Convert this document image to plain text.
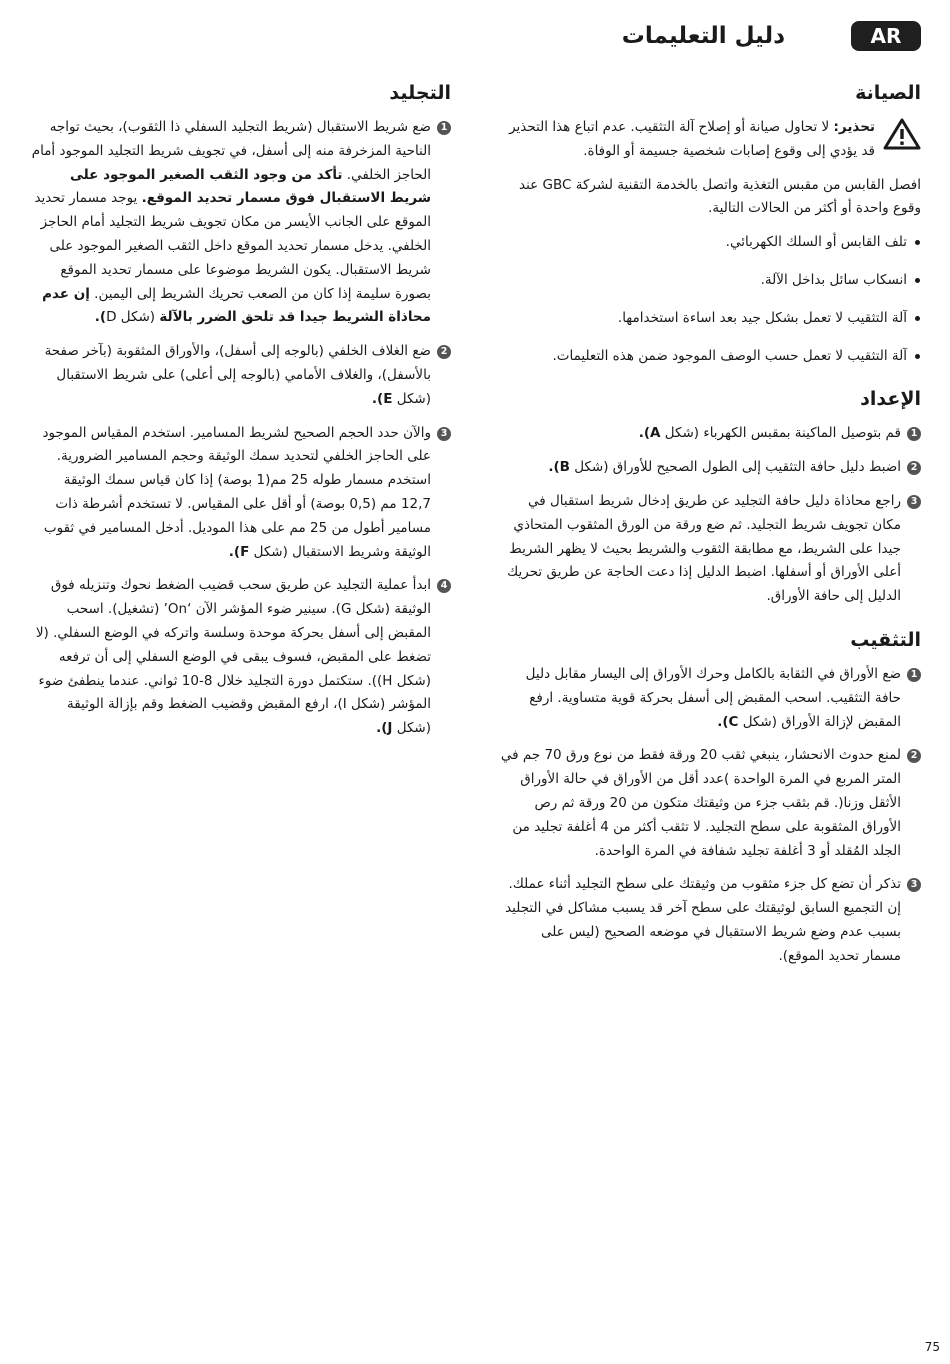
AR
دليل التعليمات
الصيانة
تحذير: لا تحاول صيانة أو إصلاح آلة التثقيب. عدم اتباع هذا التحذير قد يؤدي إلى وقوع إصابات شخصية جسيمة أو الوفاة.

افصل القابس من مقبس التغذية واتصل بالخدمة التقنية لشركة GBC عند وقوع واحدة أو أكثر من الحالات التالية.

تلف القابس أو السلك الكهربائي.
انسكاب سائل بداخل الآلة.
آلة التثقيب لا تعمل بشكل جيد بعد اساءة استخدامها.
آلة التثقيب لا تعمل حسب الوصف الموجود ضمن هذه التعليمات.
الإعداد
1
قم بتوصيل الماكينة بمقبس الكهرباء (شكل A).
2
اضبط دليل حافة التثقيب إلى الطول الصحيح للأوراق (شكل B).
3
راجع محاذاة دليل حافة التجليد عن طريق إدخال شريط استقبال في مكان تجويف شريط التجليد. ثم ضع ورقة من الورق المثقوب المتحاذي جيدا على الشريط، مع مطابقة الثقوب والشريط بحيث لا يظهر الشريط أعلى الأوراق أو أسفلها. اضبط الدليل إذا دعت الحاجة عن طريق تحريك الدليل إلى حافة الأوراق.
التثقيب
1
ضع الأوراق في الثقابة بالكامل وحرك الأوراق إلى اليسار مقابل دليل حافة التثقيب. اسحب المقبض إلى أسفل بحركة قوية متساوية. ارفع المقبض لإزالة الأوراق (شكل C).
2
لمنع حدوث الانحشار، ينبغي ثقب 20 ورقة فقط من نوع ورق 70 جم في المتر المربع في المرة الواحدة )عدد أقل من الأوراق في حالة الأوراق الأثقل وزنا(. قم بثقب جزء من وثيقتك متكون من 20 ورقة ثم رص الأوراق المثقوبة على سطح التجليد. لا تثقب أكثر من 4 أغلفة تجليد من الجلد المُقلد أو 3 أغلفة تجليد شفافة في المرة الواحدة.
3
تذكر أن تضع كل جزء مثقوب من وثيقتك على سطح التجليد أثناء عملك. إن التجميع السابق لوثيقتك على سطح آخر قد يسبب مشاكل في التجليد بسبب عدم وضع شريط الاستقبال في موضعه الصحيح (ليس على مسمار تحديد الموقع).
التجليد
1
ضع شريط الاستقبال (شريط التجليد السفلي ذا الثقوب)، بحيث تواجه الناحية المزخرفة منه إلى أسفل، في تجويف شريط التجليد الموجود أمام الحاجز الخلفي. تأكد من وجود الثقب الصغير الموجود على شريط الاستقبال فوق مسمار تحديد الموقع. يوجد مسمار تحديد الموقع على الجانب الأيسر من مكان تجويف شريط التجليد أمام الحاجز الخلفي. يدخل مسمار تحديد الموقع داخل الثقب الصغير الموجود على شريط الاستقبال. يكون الشريط موضوعا على مسمار تحديد الموقع بصورة سليمة إذا كان من الصعب تحريك الشريط إلى اليمين. إن عدم محاذاة الشريط جيدا قد تلحق الضرر بالآلة (شكل D).
2
ضع الغلاف الخلفي (بالوجه إلى أسفل)، والأوراق المثقوبة (بآخر صفحة بالأسفل)، والغلاف الأمامي (بالوجه إلى أعلى) على شريط الاستقبال (شكل E).
3
والآن حدد الحجم الصحيح لشريط المسامير. استخدم المقياس الموجود على الحاجز الخلفي لتحديد سمك الوثيقة وحجم المسامير الضرورية. استخدم مسمار طوله 25 مم(1 بوصة) إذا كان قياس سمك الوثيقة 12,7 مم (0,5 بوصة) أو أقل على المقياس. لا تستخدم أشرطة ذات مسامير أطول من 25 مم على هذا الموديل. أدخل المسامير في ثقوب الوثيقة وشريط الاستقبال (شكل F).
4
ابدأ عملية التجليد عن طريق سحب قضيب الضغط نحوك وتنزيله فوق الوثيقة (شكل G). سينير ضوء المؤشر الآن ‘On’ (تشغيل). اسحب المقبض إلى أسفل بحركة موحدة وسلسة واتركه في الوضع السفلي. (لا تضغط على المقبض، فسوف يبقى في الوضع السفلي إلى أن ترفعه (شكل H)). ستكتمل دورة التجليد خلال 8-10 ثواني. عندما ينطفئ ضوء المؤشر (شكل I)، ارفع المقبض وقضيب الضغط وقم بإزالة الوثيقة (شكل J).
75
